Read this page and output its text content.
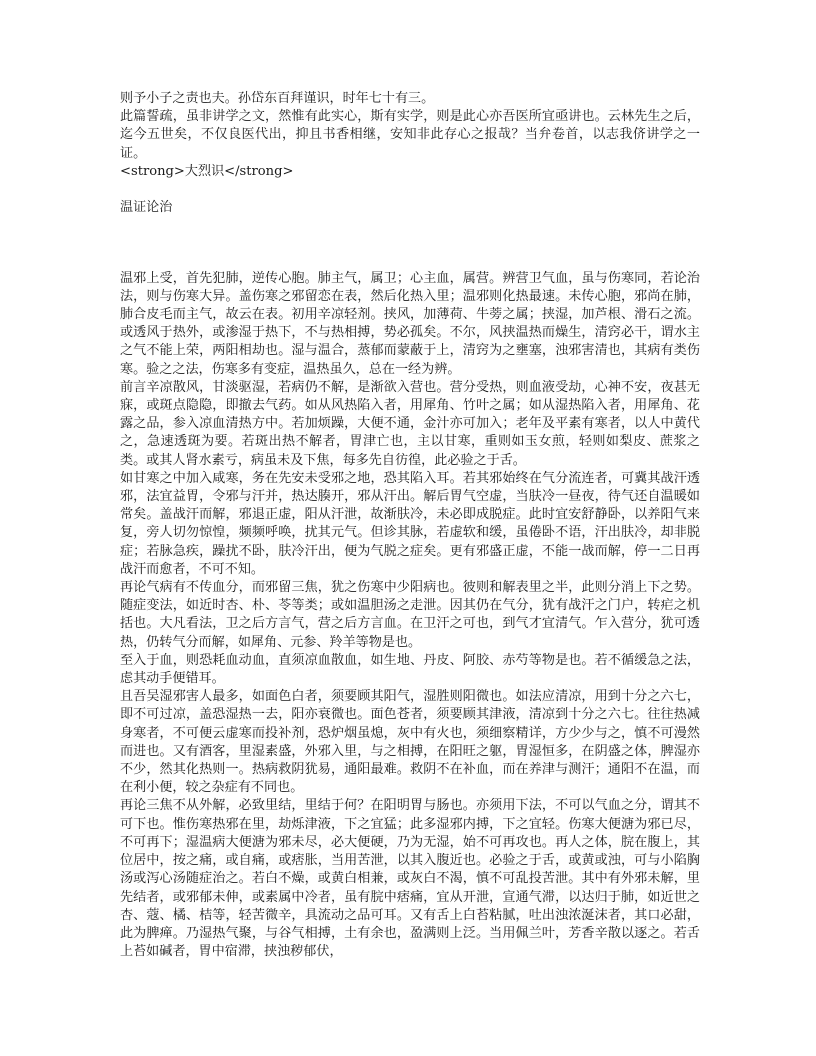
则予小子之责也夫。孙岱东百拜谨识，时年七十有三。

此篇誓疏，虽非讲学之文，然惟有此实心，斯有实学，则是此心亦吾医所宜亟讲也。云林先生之后，迄今五世矣，不仅良医代出，抑且书香相继，安知非此存心之报哉？当弁卷首，以志我侪讲学之一证。

<strong>大烈识</strong>

温证论治

温邪上受，首先犯肺，逆传心胞。肺主气，属卫；心主血，属营。辨营卫气血，虽与伤寒同，若论治法，则与伤寒大异。盖伤寒之邪留恋在表，然后化热入里；温邪则化热最速。未传心胞，邪尚在肺，肺合皮毛而主气，故云在表。初用辛凉轻剂。挟风，加薄荷、牛蒡之属；挟湿，加芦根、滑石之流。或透风于热外，或渗湿于热下，不与热相搏，势必孤矣。不尔，风挟温热而燥生，清窍必干，谓水主之气不能上荣，两阳相劫也。湿与温合，蒸郁而蒙蔽于上，清窍为之壅塞，浊邪害清也，其病有类伤寒。验之之法，伤寒多有变症，温热虽久，总在一经为辨。

前言辛凉散风，甘淡驱湿，若病仍不解，是渐欲入营也。营分受热，则血液受劫，心神不安，夜甚无寐，或斑点隐隐，即撤去气药。如从风热陷入者，用犀角、竹叶之属；如从湿热陷入者，用犀角、花露之品，参入凉血清热方中。若加烦躁，大便不通，金汁亦可加入；老年及平素有寒者，以人中黄代之，急速透斑为要。若斑出热不解者，胃津亡也，主以甘寒，重则如玉女煎，轻则如梨皮、蔗浆之类。或其人肾水素亏，病虽未及下焦，每多先自彷徨，此必验之于舌。

如甘寒之中加入咸寒，务在先安未受邪之地，恐其陷入耳。若其邪始终在气分流连者，可冀其战汗透邪，法宜益胃，令邪与汗并，热达腠开，邪从汗出。解后胃气空虚，当肤冷一昼夜，待气还自温暖如常矣。盖战汗而解，邪退正虚，阳从汗泄，故渐肤冷，未必即成脱症。此时宜安舒静卧，以养阳气来复，旁人切勿惊惶，频频呼唤，扰其元气。但诊其脉，若虚软和缓，虽倦卧不语，汗出肤冷，却非脱症；若脉急疾，躁扰不卧，肤冷汗出，便为气脱之症矣。更有邪盛正虚，不能一战而解，停一二日再战汗而愈者，不可不知。

再论气病有不传血分，而邪留三焦，犹之伤寒中少阳病也。彼则和解表里之半，此则分消上下之势。随症变法，如近时杏、朴、苓等类；或如温胆汤之走泄。因其仍在气分，犹有战汗之门户，转疟之机括也。大凡看法，卫之后方言气，营之后方言血。在卫汗之可也，到气才宜清气。乍入营分，犹可透热，仍转气分而解，如犀角、元参、羚羊等物是也。

至入于血，则恐耗血动血，直须凉血散血，如生地、丹皮、阿胶、赤芍等物是也。若不循缓急之法，虑其动手便错耳。

且吾吴湿邪害人最多，如面色白者，须要顾其阳气，湿胜则阳微也。如法应清凉，用到十分之六七，即不可过凉，盖恐湿热一去，阳亦衰微也。面色苍者，须要顾其津液，清凉到十分之六七。往往热减身寒者，不可便云虚寒而投补剂，恐炉烟虽熄，灰中有火也，须细察精详，方少少与之，慎不可漫然而进也。又有酒客，里湿素盛，外邪入里，与之相搏，在阳旺之躯，胃湿恒多，在阴盛之体，脾湿亦不少，然其化热则一。热病救阴犹易，通阳最难。救阴不在补血，而在养津与测汗；通阳不在温，而在利小便，较之杂症有不同也。

再论三焦不从外解，必致里结，里结于何？在阳明胃与肠也。亦须用下法，不可以气血之分，谓其不可下也。惟伤寒热邪在里，劫烁津液，下之宜猛；此多湿邪内搏，下之宜轻。伤寒大便溏为邪已尽，不可再下；湿温病大便溏为邪未尽，必大便硬，乃为无湿，始不可再攻也。再人之体，脘在腹上，其位居中，按之痛，或自痛，或痞胀，当用苦泄，以其入腹近也。必验之于舌，或黄或浊，可与小陷胸汤或泻心汤随症治之。若白不燥，或黄白相兼，或灰白不渴，慎不可乱投苦泄。其中有外邪未解，里先结者，或邪郁未伸，或素属中冷者，虽有脘中痞痛，宜从开泄，宣通气滞，以达归于肺，如近世之杏、蔻、橘、桔等，轻苦微辛，具流动之品可耳。又有舌上白苔粘腻，吐出浊浓涎沫者，其口必甜，此为脾瘅。乃湿热气聚，与谷气相搏，土有余也，盈满则上泛。当用佩兰叶，芳香辛散以逐之。若舌上苔如碱者，胃中宿滞，挟浊秽郁伏，
